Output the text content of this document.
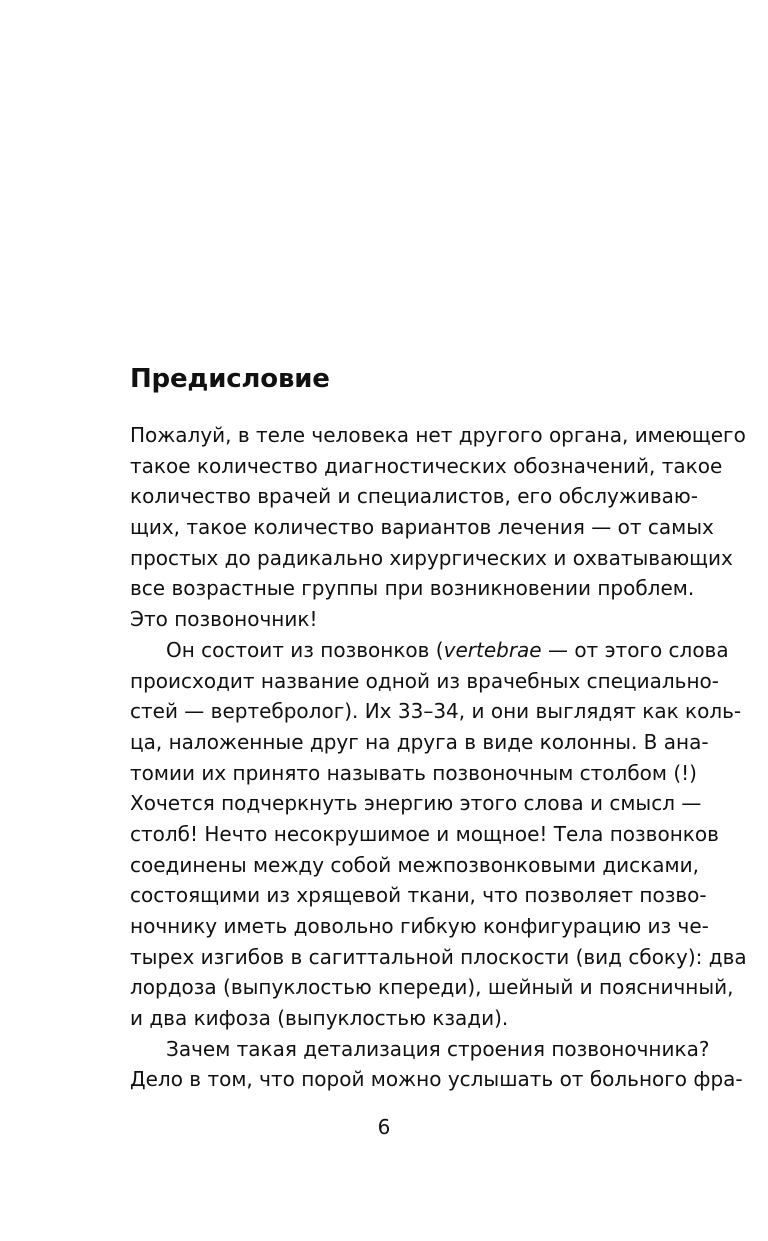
Предисловие
Пожалуй, в теле человека нет другого органа, имеющего
такое количество диагностических обозначений, такое
количество врачей и специалистов, его обслуживаю-
щих, такое количество вариантов лечения — от самых
простых до радикально хирургических и охватывающих
все возрастные группы при возникновении проблем.
Это позвоночник!
Он состоит из позвонков (vertebrae — от этого слова
происходит название одной из врачебных специально-
стей — вертебролог). Их 33–34, и они выглядят как коль-
ца, наложенные друг на друга в виде колонны. В ана-
томии их принято называть позвоночным столбом (!)
Хочется подчеркнуть энергию этого слова и смысл —
столб! Нечто несокрушимое и мощное! Тела позвонков
соединены между собой межпозвонковыми дисками,
состоящими из хрящевой ткани, что позволяет позво-
ночнику иметь довольно гибкую конфигурацию из че-
тырех изгибов в сагиттальной плоскости (вид сбоку): два
лордоза (выпуклостью кпереди), шейный и поясничный,
и два кифоза (выпуклостью кзади).
Зачем такая детализация строения позвоночника?
Дело в том, что порой можно услышать от больного фра-
6
